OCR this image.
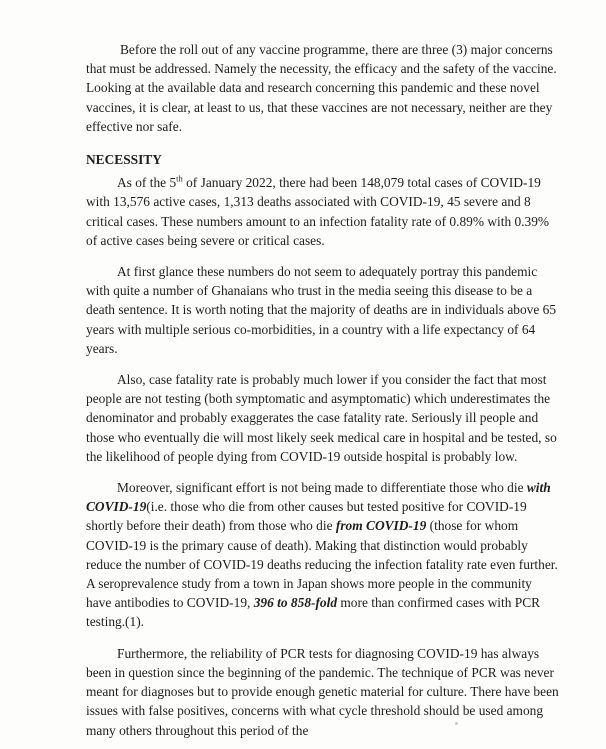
Before the roll out of any vaccine programme, there are three (3) major concerns that must be addressed. Namely the necessity, the efficacy and the safety of the vaccine. Looking at the available data and research concerning this pandemic and these novel vaccines, it is clear, at least to us, that these vaccines are not necessary, neither are they effective nor safe.

NECESSITY

As of the 5th of January 2022, there had been 148,079 total cases of COVID-19 with 13,576 active cases, 1,313 deaths associated with COVID-19, 45 severe and 8 critical cases. These numbers amount to an infection fatality rate of 0.89% with 0.39% of active cases being severe or critical cases.

At first glance these numbers do not seem to adequately portray this pandemic with quite a number of Ghanaians who trust in the media seeing this disease to be a death sentence. It is worth noting that the majority of deaths are in individuals above 65 years with multiple serious co-morbidities, in a country with a life expectancy of 64 years.

Also, case fatality rate is probably much lower if you consider the fact that most people are not testing (both symptomatic and asymptomatic) which underestimates the denominator and probably exaggerates the case fatality rate. Seriously ill people and those who eventually die will most likely seek medical care in hospital and be tested, so the likelihood of people dying from COVID-19 outside hospital is probably low.

Moreover, significant effort is not being made to differentiate those who die with COVID-19(i.e. those who die from other causes but tested positive for COVID-19 shortly before their death) from those who die from COVID-19 (those for whom COVID-19 is the primary cause of death). Making that distinction would probably reduce the number of COVID-19 deaths reducing the infection fatality rate even further. A seroprevalence study from a town in Japan shows more people in the community have antibodies to COVID-19, 396 to 858-fold more than confirmed cases with PCR testing.(1).

Furthermore, the reliability of PCR tests for diagnosing COVID-19 has always been in question since the beginning of the pandemic. The technique of PCR was never meant for diagnoses but to provide enough genetic material for culture. There have been issues with false positives, concerns with what cycle threshold should be used among many others throughout this period of the
